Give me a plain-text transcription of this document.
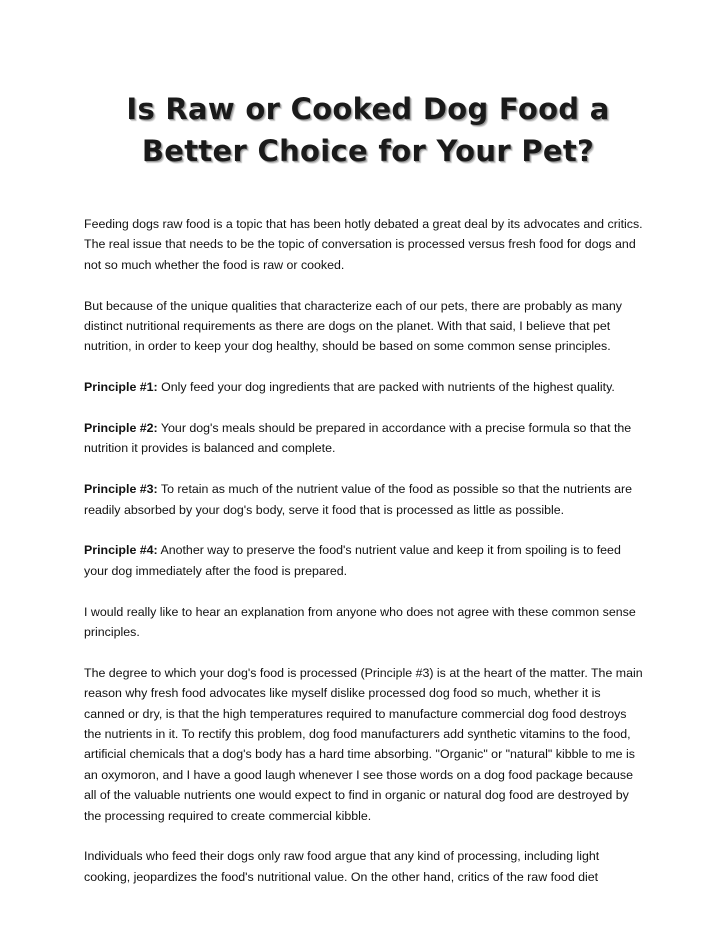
Is Raw or Cooked Dog Food a
Better Choice for Your Pet?

Feeding dogs raw food is a topic that has been hotly debated a great deal by its advocates and critics. The real issue that needs to be the topic of conversation is processed versus fresh food for dogs and not so much whether the food is raw or cooked.

But because of the unique qualities that characterize each of our pets, there are probably as many distinct nutritional requirements as there are dogs on the planet. With that said, I believe that pet nutrition, in order to keep your dog healthy, should be based on some common sense principles.

Principle #1: Only feed your dog ingredients that are packed with nutrients of the highest quality.

Principle #2: Your dog's meals should be prepared in accordance with a precise formula so that the nutrition it provides is balanced and complete.

Principle #3: To retain as much of the nutrient value of the food as possible so that the nutrients are readily absorbed by your dog's body, serve it food that is processed as little as possible.

Principle #4: Another way to preserve the food's nutrient value and keep it from spoiling is to feed your dog immediately after the food is prepared.

I would really like to hear an explanation from anyone who does not agree with these common sense principles.

The degree to which your dog's food is processed (Principle #3) is at the heart of the matter. The main reason why fresh food advocates like myself dislike processed dog food so much, whether it is canned or dry, is that the high temperatures required to manufacture commercial dog food destroys the nutrients in it. To rectify this problem, dog food manufacturers add synthetic vitamins to the food, artificial chemicals that a dog's body has a hard time absorbing. "Organic" or "natural" kibble to me is an oxymoron, and I have a good laugh whenever I see those words on a dog food package because all of the valuable nutrients one would expect to find in organic or natural dog food are destroyed by the processing required to create commercial kibble.

Individuals who feed their dogs only raw food argue that any kind of processing, including light cooking, jeopardizes the food's nutritional value. On the other hand, critics of the raw food diet
